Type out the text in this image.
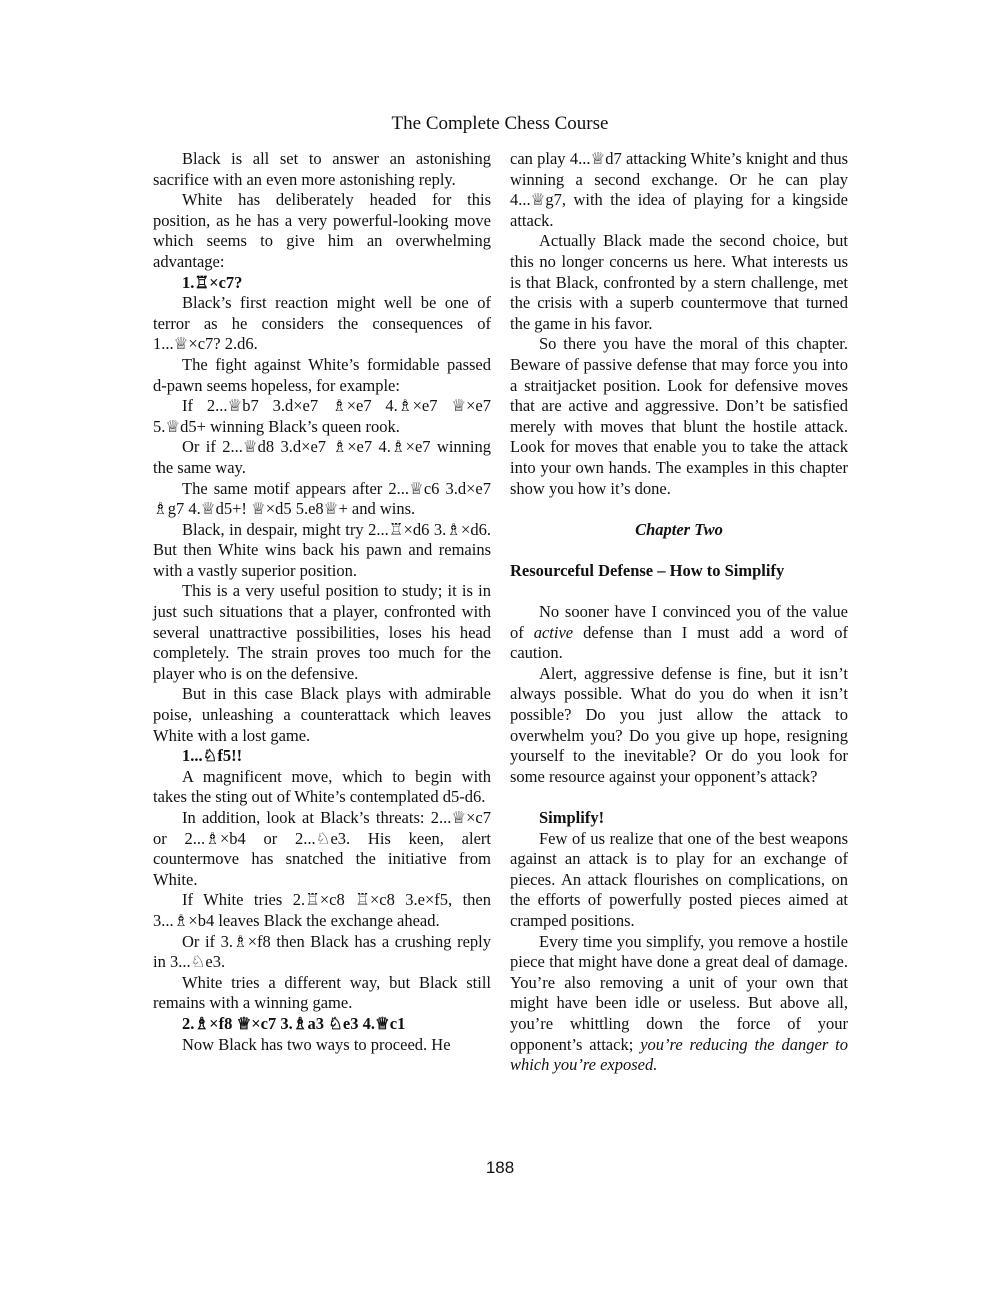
The Complete Chess Course

Black is all set to answer an astonishing sacrifice with an even more astonishing reply.

White has deliberately headed for this position, as he has a very powerful-looking move which seems to give him an overwhelming advantage:

1.♖×c7?

Black’s first reaction might well be one of terror as he considers the consequences of 1...♕×c7? 2.d6.

The fight against White’s formidable passed d-pawn seems hopeless, for example:

If 2...♕b7 3.d×e7 ♗×e7 4.♗×e7 ♕×e7 5.♕d5+ winning Black’s queen rook.

Or if 2...♕d8 3.d×e7 ♗×e7 4.♗×e7 winning the same way.

The same motif appears after 2...♕c6 3.d×e7 ♗g7 4.♕d5+! ♕×d5 5.e8♕+ and wins.

Black, in despair, might try 2...♖×d6 3.♗×d6. But then White wins back his pawn and remains with a vastly superior position.

This is a very useful position to study; it is in just such situations that a player, confronted with several unattractive possibilities, loses his head completely. The strain proves too much for the player who is on the defensive.

But in this case Black plays with admirable poise, unleashing a counterattack which leaves White with a lost game.

1...♘f5!!

A magnificent move, which to begin with takes the sting out of White’s contemplated d5-d6.

In addition, look at Black’s threats: 2...♕×c7 or 2...♗×b4 or 2...♘e3. His keen, alert countermove has snatched the initiative from White.

If White tries 2.♖×c8 ♖×c8 3.e×f5, then 3...♗×b4 leaves Black the exchange ahead.

Or if 3.♗×f8 then Black has a crushing reply in 3...♘e3.

White tries a different way, but Black still remains with a winning game.

2.♗×f8 ♕×c7 3.♗a3 ♘e3 4.♕c1

Now Black has two ways to proceed. He

can play 4...♕d7 attacking White’s knight and thus winning a second exchange. Or he can play 4...♕g7, with the idea of playing for a kingside attack.

Actually Black made the second choice, but this no longer concerns us here. What interests us is that Black, confronted by a stern challenge, met the crisis with a superb countermove that turned the game in his favor.

So there you have the moral of this chapter. Beware of passive defense that may force you into a straitjacket position. Look for defensive moves that are active and aggressive. Don’t be satisfied merely with moves that blunt the hostile attack. Look for moves that enable you to take the attack into your own hands. The examples in this chapter show you how it’s done.

Chapter Two

Resourceful Defense – How to Simplify

No sooner have I convinced you of the value of active defense than I must add a word of caution.

Alert, aggressive defense is fine, but it isn’t always possible. What do you do when it isn’t possible? Do you just allow the attack to overwhelm you? Do you give up hope, resigning yourself to the inevitable? Or do you look for some resource against your opponent’s attack?

Simplify!

Few of us realize that one of the best weapons against an attack is to play for an exchange of pieces. An attack flourishes on complications, on the efforts of powerfully posted pieces aimed at cramped positions.

Every time you simplify, you remove a hostile piece that might have done a great deal of damage. You’re also removing a unit of your own that might have been idle or useless. But above all, you’re whittling down the force of your opponent’s attack; you’re reducing the danger to which you’re exposed.

188
